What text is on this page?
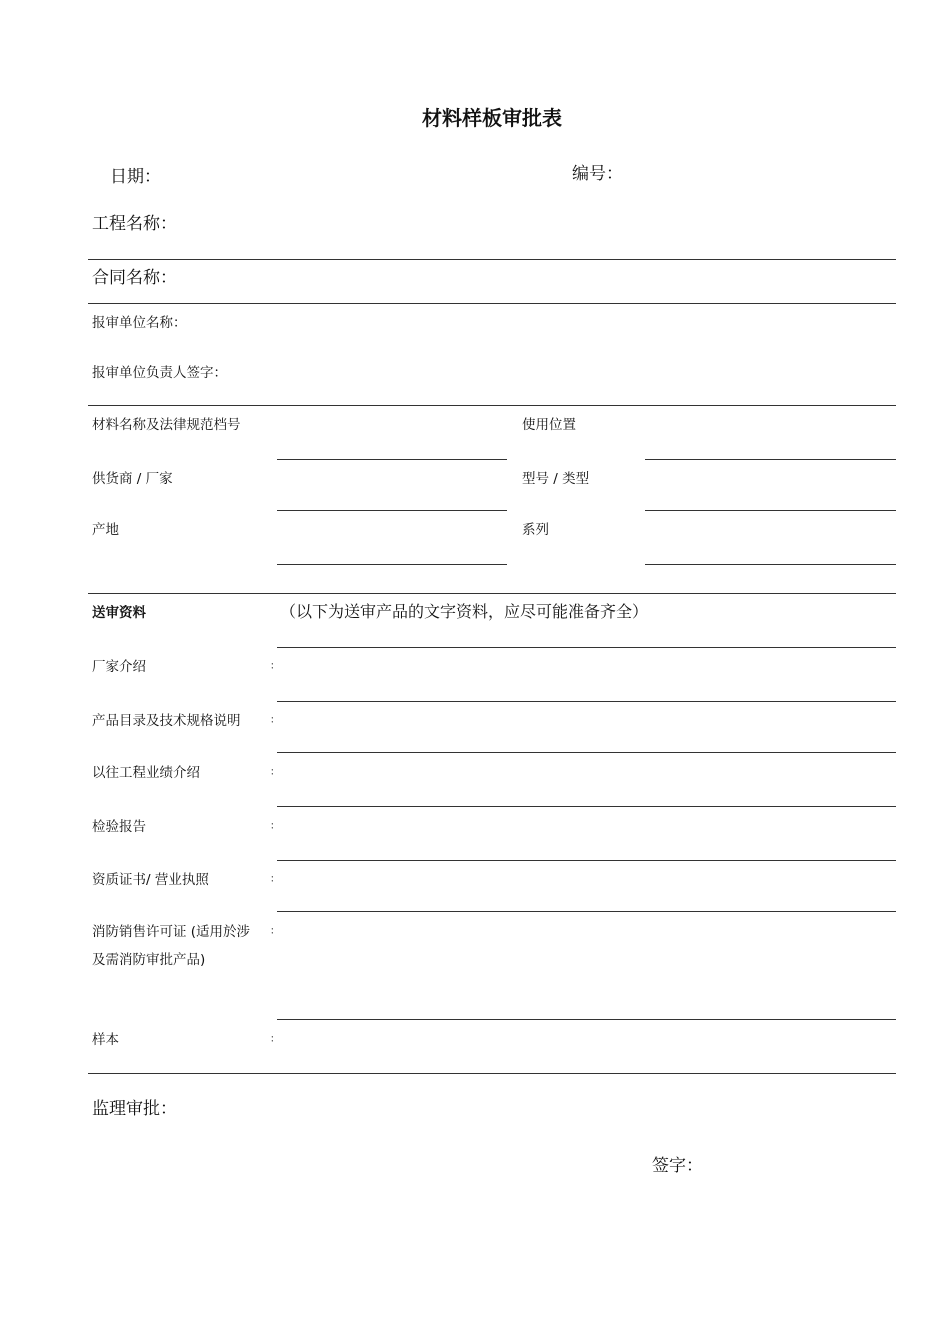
材料样板审批表
日期：	编号：
工程名称：
合同名称：
报审单位名称：
报审单位负责人签字：
材料名称及法律规范档号	使用位置
供货商 / 厂家	型号 / 类型
产地	系列
送审资料	（以下为送审产品的文字资料，应尽可能准备齐全）
厂家介绍	：
产品目录及技术规格说明	：
以往工程业绩介绍	：
检验报告	：
资质证书/ 营业执照	：
消防销售许可证 (适用於涉 ：
及需消防审批产品)
样本	：
监理审批：
签字：
